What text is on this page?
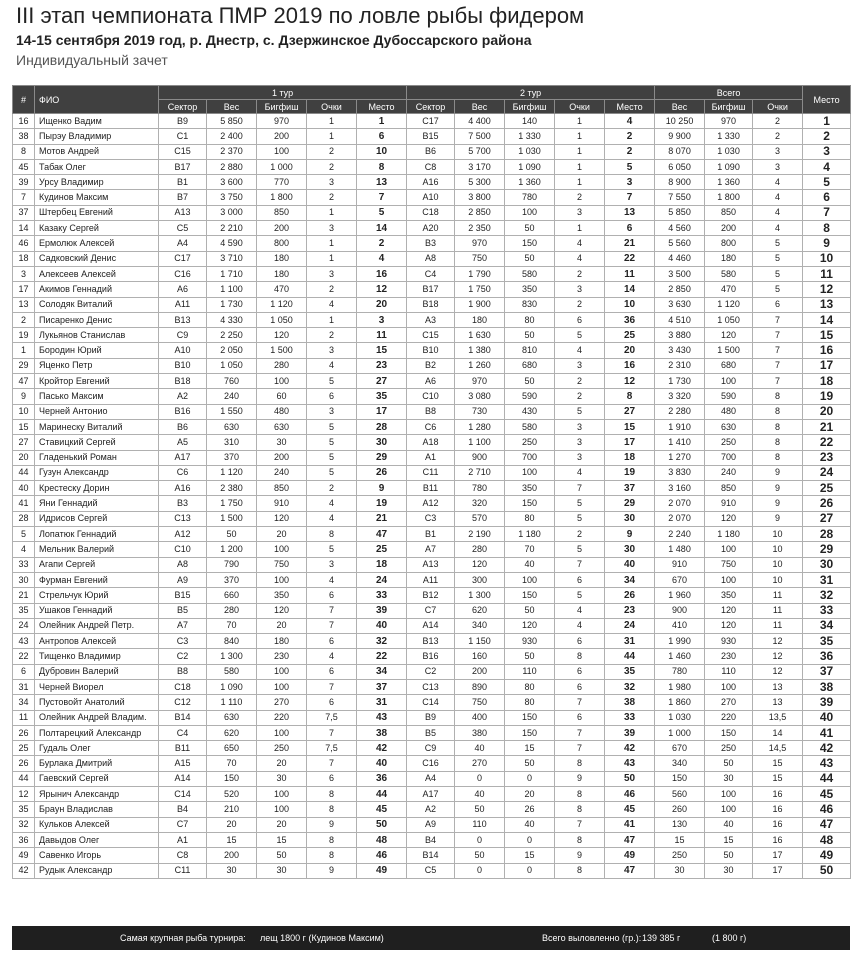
III этап чемпионата ПМР 2019 по ловле рыбы фидером
14-15 сентября 2019 год, р. Днестр, с. Дзержинское Дубоссарского района
Индивидуальный зачет
#	ФИО	1 тур					2 тур					Всего			Место
		Сектор	Вес	Бигфиш	Очки	Место	Сектор	Вес	Бигфиш	Очки	Место	Вес	Бигфиш	Очки	
16	Ищенко Вадим	B9	5 850	970	1	1	C17	4 400	140	1	4	10 250	970	2	1
38	Пырэу Владимир	C1	2 400	200	1	6	B15	7 500	1 330	1	2	9 900	1 330	2	2
8	Мотов Андрей	C15	2 370	100	2	10	B6	5 700	1 030	1	2	8 070	1 030	3	3
45	Табак Олег	B17	2 880	1 000	2	8	C8	3 170	1 090	1	5	6 050	1 090	3	4
39	Урсу Владимир	B1	3 600	770	3	13	A16	5 300	1 360	1	3	8 900	1 360	4	5
7	Кудинов Максим	B7	3 750	1 800	2	7	A10	3 800	780	2	7	7 550	1 800	4	6
37	Штербец Евгений	A13	3 000	850	1	5	C18	2 850	100	3	13	5 850	850	4	7
14	Казаку Сергей	C5	2 210	200	3	14	A20	2 350	50	1	6	4 560	200	4	8
46	Ермолюк Алексей	A4	4 590	800	1	2	B3	970	150	4	21	5 560	800	5	9
18	Садковский Денис	C17	3 710	180	1	4	A8	750	50	4	22	4 460	180	5	10
3	Алексеев Алексей	C16	1 710	180	3	16	C4	1 790	580	2	11	3 500	580	5	11
17	Акимов Геннадий	A6	1 100	470	2	12	B17	1 750	350	3	14	2 850	470	5	12
13	Солодяк Виталий	A11	1 730	1 120	4	20	B18	1 900	830	2	10	3 630	1 120	6	13
2	Писаренко Денис	B13	4 330	1 050	1	3	A3	180	80	6	36	4 510	1 050	7	14
19	Лукьянов Станислав	C9	2 250	120	2	11	C15	1 630	50	5	25	3 880	120	7	15
1	Бородин Юрий	A10	2 050	1 500	3	15	B10	1 380	810	4	20	3 430	1 500	7	16
29	Яценко Петр	B10	1 050	280	4	23	B2	1 260	680	3	16	2 310	680	7	17
47	Кройтор Евгений	B18	760	100	5	27	A6	970	50	2	12	1 730	100	7	18
9	Пасько Максим	A2	240	60	6	35	C10	3 080	590	2	8	3 320	590	8	19
10	Черней Антонио	B16	1 550	480	3	17	B8	730	430	5	27	2 280	480	8	20
15	Маринеску Виталий	B6	630	630	5	28	C6	1 280	580	3	15	1 910	630	8	21
27	Ставицкий Сергей	A5	310	30	5	30	A18	1 100	250	3	17	1 410	250	8	22
20	Гладенький Роман	A17	370	200	5	29	A1	900	700	3	18	1 270	700	8	23
44	Гузун Александр	C6	1 120	240	5	26	C11	2 710	100	4	19	3 830	240	9	24
40	Крестеску Дорин	A16	2 380	850	2	9	B11	780	350	7	37	3 160	850	9	25
41	Яни Геннадий	B3	1 750	910	4	19	A12	320	150	5	29	2 070	910	9	26
28	Идрисов Сергей	C13	1 500	120	4	21	C3	570	80	5	30	2 070	120	9	27
5	Лопатюк Геннадий	A12	50	20	8	47	B1	2 190	1 180	2	9	2 240	1 180	10	28
4	Мельник Валерий	C10	1 200	100	5	25	A7	280	70	5	30	1 480	100	10	29
33	Агапи Сергей	A8	790	750	3	18	A13	120	40	7	40	910	750	10	30
30	Фурман Евгений	A9	370	100	4	24	A11	300	100	6	34	670	100	10	31
21	Стрельчук Юрий	B15	660	350	6	33	B12	1 300	150	5	26	1 960	350	11	32
35	Ушаков Геннадий	B5	280	120	7	39	C7	620	50	4	23	900	120	11	33
24	Олейник Андрей Петр.	A7	70	20	7	40	A14	340	120	4	24	410	120	11	34
43	Антропов Алексей	C3	840	180	6	32	B13	1 150	930	6	31	1 990	930	12	35
22	Тищенко Владимир	C2	1 300	230	4	22	B16	160	50	8	44	1 460	230	12	36
6	Дубровин Валерий	B8	580	100	6	34	C2	200	110	6	35	780	110	12	37
31	Черней Виорел	C18	1 090	100	7	37	C13	890	80	6	32	1 980	100	13	38
34	Пустовойт Анатолий	C12	1 110	270	6	31	C14	750	80	7	38	1 860	270	13	39
11	Олейник Андрей Владим.	B14	630	220	7,5	43	B9	400	150	6	33	1 030	220	13,5	40
26	Полтарецкий Александр	C4	620	100	7	38	B5	380	150	7	39	1 000	150	14	41
25	Гудаль Олег	B11	650	250	7,5	42	C9	40	15	7	42	670	250	14,5	42
26	Бурлака Дмитрий	A15	70	20	7	40	C16	270	50	8	43	340	50	15	43
44	Гаевский Сергей	A14	150	30	6	36	A4	0	0	9	50	150	30	15	44
12	Ярынич Александр	C14	520	100	8	44	A17	40	20	8	46	560	100	16	45
35	Браун Владислав	B4	210	100	8	45	A2	50	26	8	45	260	100	16	46
32	Кульков Алексей	C7	20	20	9	50	A9	110	40	7	41	130	40	16	47
36	Давыдов Олег	A1	15	15	8	48	B4	0	0	8	47	15	15	16	48
49	Савенко Игорь	C8	200	50	8	46	B14	50	15	9	49	250	50	17	49
42	Рудык Александр	C11	30	30	9	49	C5	0	0	8	47	30	30	17	50
Самая крупная рыба турнира: лещ 1800 г (Кудинов Максим)	Всего выловленно (гр.): 139 385 г	(1 800 г)
